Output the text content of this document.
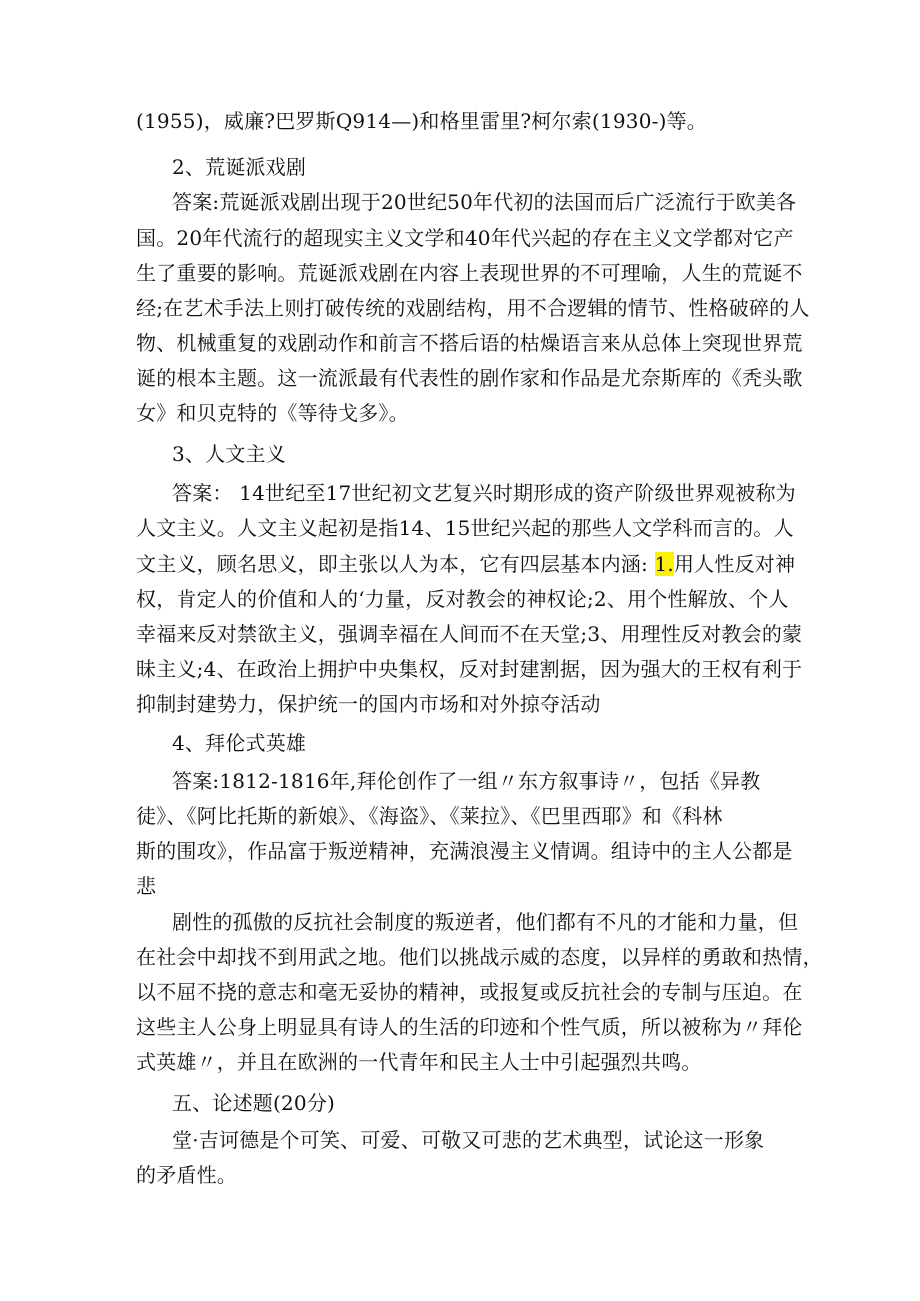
(1955)，威廉?巴罗斯Q914—)和格里雷里?柯尔索(1930-)等。
2、荒诞派戏剧
答案:荒诞派戏剧出现于20世纪50年代初的法国而后广泛流行于欧美各
国。20年代流行的超现实主义文学和40年代兴起的存在主义文学都对它产
生了重要的影响。荒诞派戏剧在内容上表现世界的不可理喻，人生的荒诞不
经;在艺术手法上则打破传统的戏剧结构，用不合逻辑的情节、性格破碎的人
物、机械重复的戏剧动作和前言不搭后语的枯燥语言来从总体上突现世界荒
诞的根本主题。这一流派最有代表性的剧作家和作品是尤奈斯库的《秃头歌
女》和贝克特的《等待戈多》。
3、人文主义
答案： 14世纪至17世纪初文艺复兴时期形成的资产阶级世界观被称为
人文主义。人文主义起初是指14、15世纪兴起的那些人文学科而言的。人
文主义，顾名思义，即主张以人为本，它有四层基本内涵: 1.用人性反对神
权，肯定人的价值和人的‘力量，反对教会的神权论;2、用个性解放、个人
幸福来反对禁欲主义，强调幸福在人间而不在天堂;3、用理性反对教会的蒙
昧主义;4、在政治上拥护中央集权，反对封建割据，因为强大的王权有利于
抑制封建势力，保护统一的国内市场和对外掠夺活动
4、拜伦式英雄
答案:1812-1816年,拜伦创作了一组〃东方叙事诗〃，包括《异教
徒》、《阿比托斯的新娘》、《海盗》、《莱拉》、《巴里西耶》和《科林
斯的围攻》，作品富于叛逆精神，充满浪漫主义情调。组诗中的主人公都是
悲
剧性的孤傲的反抗社会制度的叛逆者，他们都有不凡的才能和力量，但
在社会中却找不到用武之地。他们以挑战示威的态度，以异样的勇敢和热情，
以不屈不挠的意志和毫无妥协的精神，或报复或反抗社会的专制与压迫。在
这些主人公身上明显具有诗人的生活的印迹和个性气质，所以被称为〃拜伦
式英雄〃，并且在欧洲的一代青年和民主人士中引起强烈共鸣。
五、论述题(20分)
堂·吉诃德是个可笑、可爱、可敬又可悲的艺术典型，试论这一形象
的矛盾性。
